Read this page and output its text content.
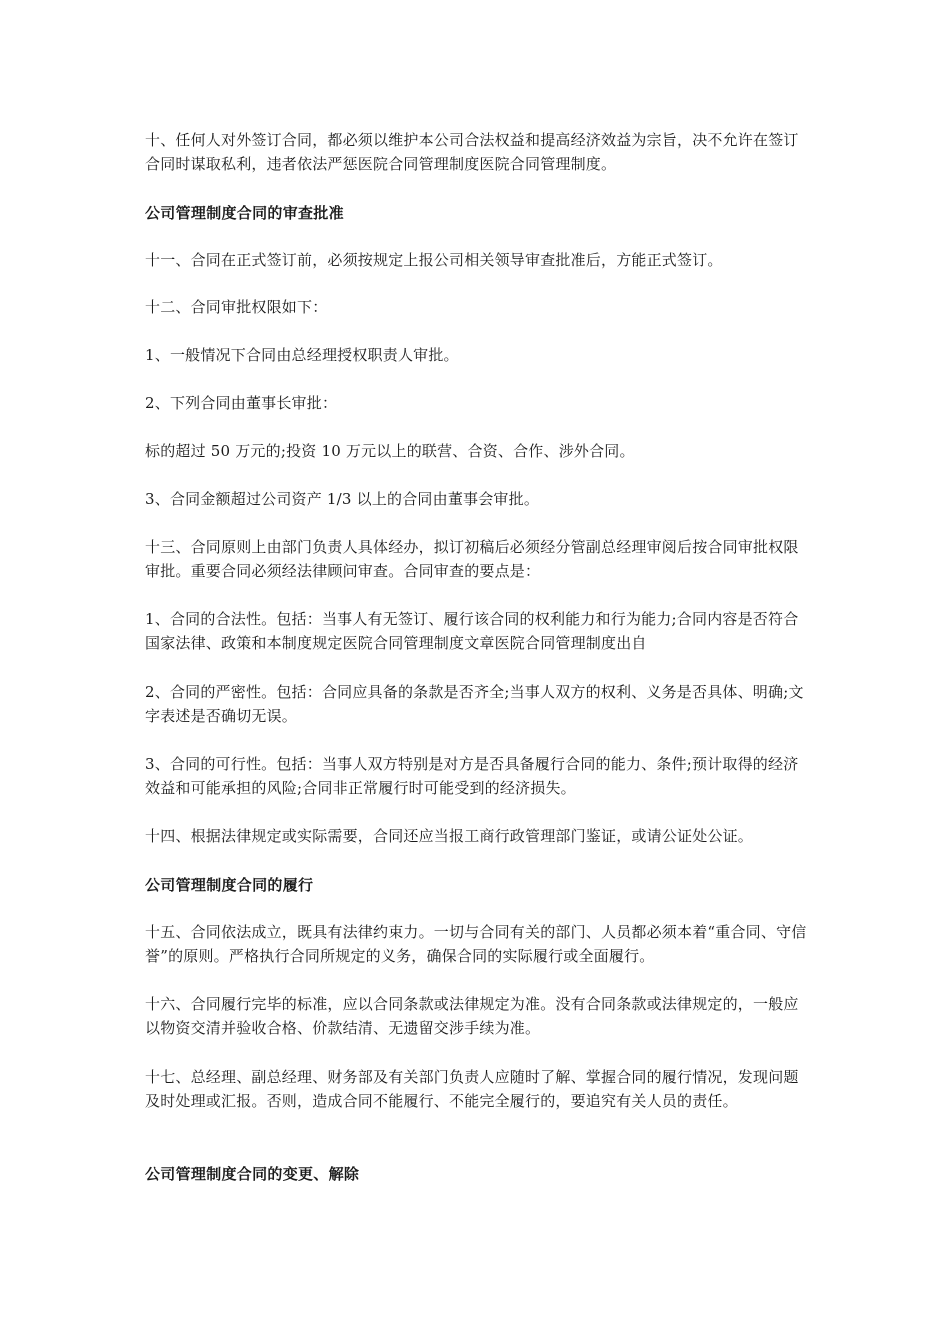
十、任何人对外签订合同，都必须以维护本公司合法权益和提高经济效益为宗旨，决不允许在签订合同时谋取私利，违者依法严惩医院合同管理制度医院合同管理制度。

公司管理制度合同的审查批准

十一、合同在正式签订前，必须按规定上报公司相关领导审查批准后，方能正式签订。

十二、合同审批权限如下：

1、一般情况下合同由总经理授权职责人审批。

2、下列合同由董事长审批：

标的超过 50 万元的;投资 10 万元以上的联营、合资、合作、涉外合同。

3、合同金额超过公司资产 1/3 以上的合同由董事会审批。

十三、合同原则上由部门负责人具体经办，拟订初稿后必须经分管副总经理审阅后按合同审批权限审批。重要合同必须经法律顾问审查。合同审查的要点是：

1、合同的合法性。包括：当事人有无签订、履行该合同的权利能力和行为能力;合同内容是否符合国家法律、政策和本制度规定医院合同管理制度文章医院合同管理制度出自

2、合同的严密性。包括：合同应具备的条款是否齐全;当事人双方的权利、义务是否具体、明确;文字表述是否确切无误。

3、合同的可行性。包括：当事人双方特别是对方是否具备履行合同的能力、条件;预计取得的经济效益和可能承担的风险;合同非正常履行时可能受到的经济损失。

十四、根据法律规定或实际需要，合同还应当报工商行政管理部门鉴证，或请公证处公证。

公司管理制度合同的履行

十五、合同依法成立，既具有法律约束力。一切与合同有关的部门、人员都必须本着“重合同、守信誉”的原则。严格执行合同所规定的义务，确保合同的实际履行或全面履行。

十六、合同履行完毕的标准，应以合同条款或法律规定为准。没有合同条款或法律规定的，一般应以物资交清并验收合格、价款结清、无遗留交涉手续为准。

十七、总经理、副总经理、财务部及有关部门负责人应随时了解、掌握合同的履行情况，发现问题及时处理或汇报。否则，造成合同不能履行、不能完全履行的，要追究有关人员的责任。

公司管理制度合同的变更、解除
